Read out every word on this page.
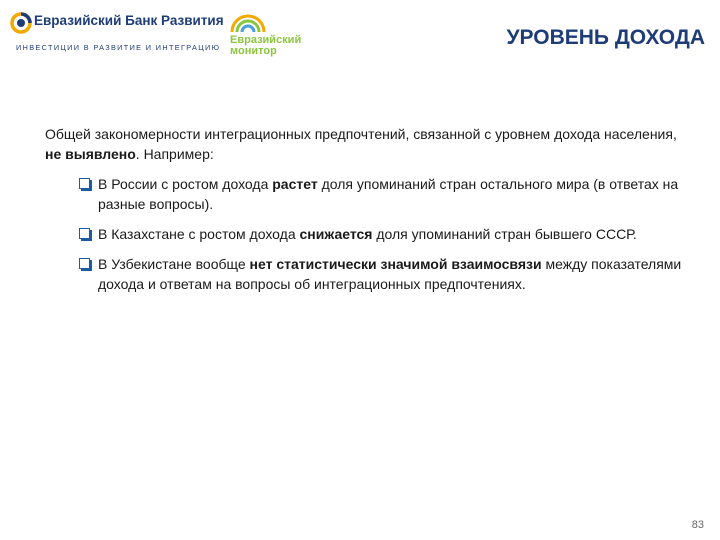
Евразийский Банк Развития
ИНВЕСТИЦИИ В РАЗВИТИЕ И ИНТЕГРАЦИЮ
Евразийский
монитор
УРОВЕНЬ ДОХОДА

Общей закономерности интеграционных предпочтений, связанной с уровнем дохода населения, не выявлено. Например:

В России с ростом дохода растет доля упоминаний стран остального мира (в ответах на разные вопросы).
В Казахстане с ростом дохода снижается доля упоминаний стран бывшего СССР.
В Узбекистане вообще нет статистически значимой взаимосвязи между показателями дохода и ответам на вопросы об интеграционных предпочтениях.
83
